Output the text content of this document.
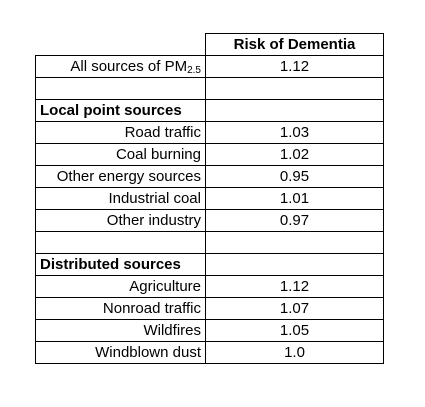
	Risk of Dementia
All sources of $PM_{2.5}$	1.12

Local point sources	
Road traffic	1.03
Coal burning	1.02
Other energy sources	0.95
Industrial coal	1.01
Other industry	0.97

Distributed sources	
Agriculture	1.12
Nonroad traffic	1.07
Wildfires	1.05
Windblown dust	1.0
